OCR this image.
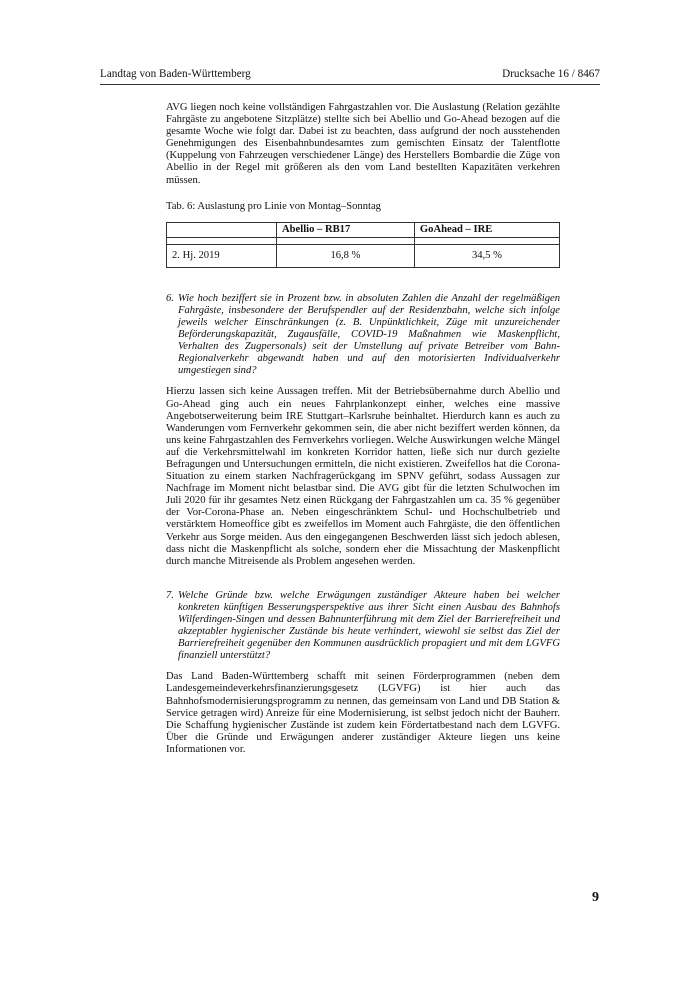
Landtag von Baden-Württemberg	Drucksache 16 / 8467

AVG liegen noch keine vollständigen Fahrgastzahlen vor. Die Auslastung (Relation gezählte Fahrgäste zu angebotene Sitzplätze) stellte sich bei Abellio und Go-Ahead bezogen auf die gesamte Woche wie folgt dar. Dabei ist zu beachten, dass aufgrund der noch ausstehenden Genehmigungen des Eisenbahnbundesamtes zum gemischten Einsatz der Talentflotte (Kuppelung von Fahrzeugen verschiedener Länge) des Herstellers Bombardie die Züge von Abellio in der Regel mit größeren als den vom Land bestellten Kapazitäten verkehren müssen.

Tab. 6: Auslastung pro Linie von Montag–Sonntag
	Abellio – RB17	GoAhead – IRE

2. Hj. 2019	16,8 %	34,5 %
6. Wie hoch beziffert sie in Prozent bzw. in absoluten Zahlen die Anzahl der regelmäßigen Fahrgäste, insbesondere der Berufspendler auf der Residenzbahn, welche sich infolge jeweils welcher Einschränkungen (z. B. Unpünktlichkeit, Züge mit unzureichender Beförderungskapazität, Zugausfälle, COVID-19 Maßnahmen wie Maskenpflicht, Verhalten des Zugpersonals) seit der Umstellung auf private Betreiber vom Bahn-Regionalverkehr abgewandt haben und auf den motorisierten Individualverkehr umgestiegen sind?

Hierzu lassen sich keine Aussagen treffen. Mit der Betriebsübernahme durch Abellio und Go-Ahead ging auch ein neues Fahrplankonzept einher, welches eine massive Angebotserweiterung beim IRE Stuttgart–Karlsruhe beinhaltet. Hierdurch kann es auch zu Wanderungen vom Fernverkehr gekommen sein, die aber nicht beziffert werden können, da uns keine Fahrgastzahlen des Fernverkehrs vorliegen. Welche Auswirkungen welche Mängel auf die Verkehrsmittelwahl im konkreten Korridor hatten, ließe sich nur durch gezielte Befragungen und Untersuchungen ermitteln, die nicht existieren. Zweifellos hat die Corona-Situation zu einem starken Nachfragerückgang im SPNV geführt, sodass Aussagen zur Nachfrage im Moment nicht belastbar sind. Die AVG gibt für die letzten Schulwochen im Juli 2020 für ihr gesamtes Netz einen Rückgang der Fahrgastzahlen um ca. 35 % gegenüber der Vor-Corona-Phase an. Neben eingeschränktem Schul- und Hochschulbetrieb und verstärktem Homeoffice gibt es zweifellos im Moment auch Fahrgäste, die den öffentlichen Verkehr aus Sorge meiden. Aus den eingegangenen Beschwerden lässt sich jedoch ablesen, dass nicht die Maskenpflicht als solche, sondern eher die Missachtung der Maskenpflicht durch manche Mitreisende als Problem angesehen werden.

7. Welche Gründe bzw. welche Erwägungen zuständiger Akteure haben bei welcher konkreten künftigen Besserungsperspektive aus ihrer Sicht einen Ausbau des Bahnhofs Wilferdingen-Singen und dessen Bahnunterführung mit dem Ziel der Barrierefreiheit und akzeptabler hygienischer Zustände bis heute verhindert, wiewohl sie selbst das Ziel der Barrierefreiheit gegenüber den Kommunen ausdrücklich propagiert und mit dem LGVFG finanziell unterstützt?

Das Land Baden-Württemberg schafft mit seinen Förderprogrammen (neben dem Landesgemeindeverkehrsfinanzierungsgesetz (LGVFG) ist hier auch das Bahnhofsmodernisierungsprogramm zu nennen, das gemeinsam von Land und DB Station & Service getragen wird) Anreize für eine Modernisierung, ist selbst jedoch nicht der Bauherr. Die Schaffung hygienischer Zustände ist zudem kein Fördertatbestand nach dem LGVFG. Über die Gründe und Erwägungen anderer zuständiger Akteure liegen uns keine Informationen vor.

9
